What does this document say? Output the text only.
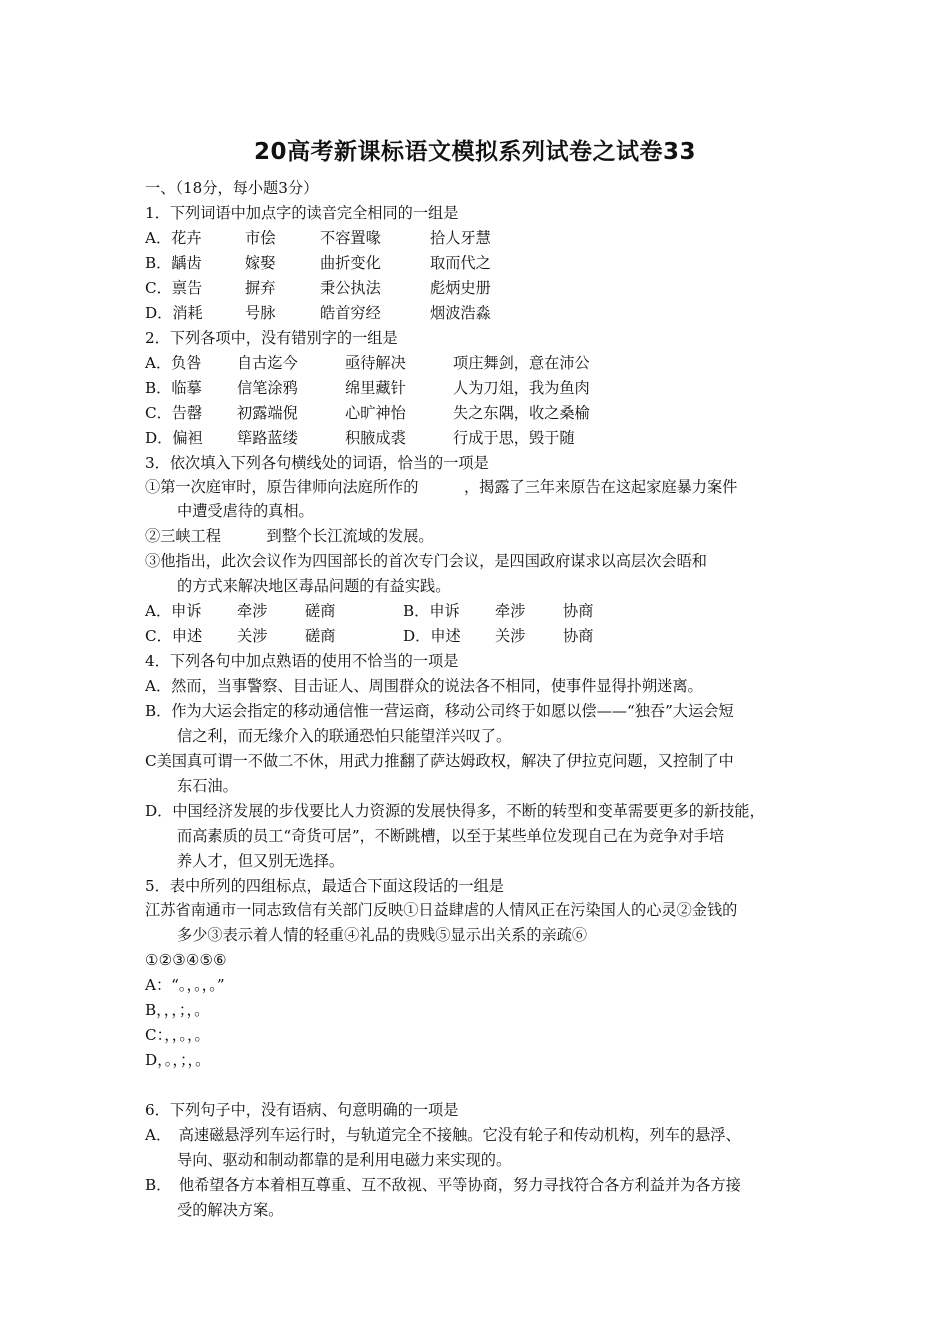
20高考新课标语文模拟系列试卷之试卷33
一、（18分，每小题3分）
1．下列词语中加点字的读音完全相同的一组是
A．花卉	市侩	不容置喙	拾人牙慧
B．龋齿	嫁娶	曲折变化	取而代之
C．禀告	摒弃	秉公执法	彪炳史册
D．消耗	号脉	皓首穷经	烟波浩淼
2．下列各项中，没有错别字的一组是
A．负咎 自古迄今	亟待解决	项庄舞剑，意在沛公
B．临摹 信笔涂鸦	绵里藏针	人为刀俎，我为鱼肉
C．告罄 初露端倪	心旷神怡	失之东隅，收之桑榆
D．偏袒 筚路蓝缕	积腋成裘	行成于思，毁于随
3．依次填入下列各句横线处的词语，恰当的一项是
①第一次庭审时，原告律师向法庭所作的　　　，揭露了三年来原告在这起家庭暴力案件
中遭受虐待的真相。
②三峡工程　　　到整个长江流域的发展。
③他指出，此次会议作为四国部长的首次专门会议，是四国政府谋求以高层次会晤和
的方式来解决地区毒品问题的有益实践。
A．申诉 牵涉 磋商	B．申诉 牵涉 协商
C．申述 关涉 磋商	D．申述 关涉 协商
4．下列各句中加点熟语的使用不恰当的一项是
A．然而，当事警察、目击证人、周围群众的说法各不相同，使事件显得扑朔迷离。
B．作为大运会指定的移动通信惟一营运商，移动公司终于如愿以偿——“独吞”大运会短
信之利，而无缘介入的联通恐怕只能望洋兴叹了。
C美国真可谓一不做二不休，用武力推翻了萨达姆政权，解决了伊拉克问题，又控制了中
东石油。
D．中国经济发展的步伐要比人力资源的发展快得多，不断的转型和变革需要更多的新技能，
而高素质的员工“奇货可居”，不断跳槽，以至于某些单位发现自己在为竞争对手培
养人才，但又别无选择。
5．表中所列的四组标点，最适合下面这段话的一组是
江苏省南通市一同志致信有关部门反映①日益肆虐的人情风正在污染国人的心灵②金钱的
多少③表示着人情的轻重④礼品的贵贱⑤显示出关系的亲疏⑥
①②③④⑤⑥
A：“。，。，。”
B，，，；，。
C：，，。，。
D，。，；，。
6．下列句子中，没有语病、句意明确的一项是
A．　高速磁悬浮列车运行时，与轨道完全不接触。它没有轮子和传动机构，列车的悬浮、
导向、驱动和制动都靠的是利用电磁力来实现的。
B．　他希望各方本着相互尊重、互不敌视、平等协商，努力寻找符合各方利益并为各方接
受的解决方案。
